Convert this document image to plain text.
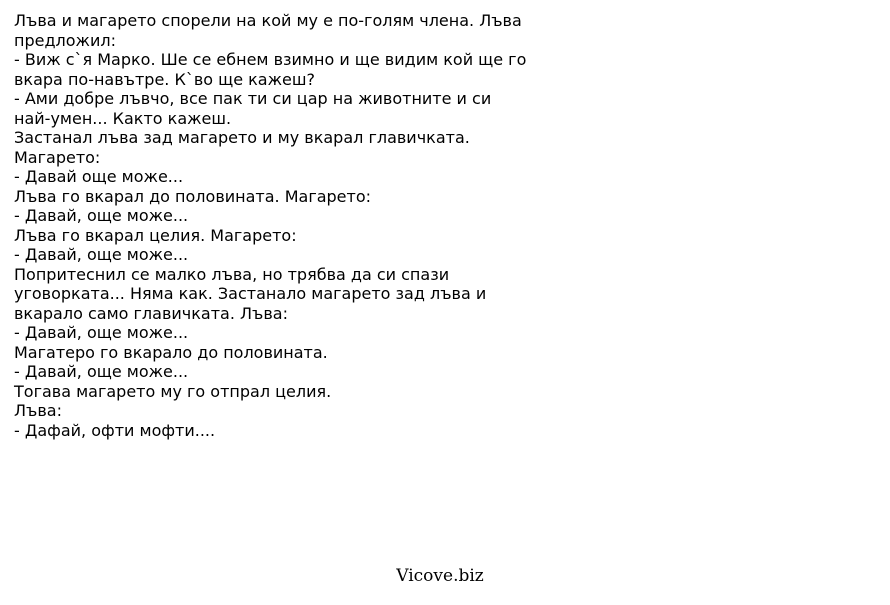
Лъва и магарето спорели на кой му е по-голям члена. Лъва
предложил:
- Виж с`я Марко. Ше се ебнем взимно и ще видим кой ще го
вкара по-навътре. К`во ще кажеш?
- Ами добре лъвчо, все пак ти си цар на животните и си
най-умен... Както кажеш.
Застанал лъва зад магарето и му вкарал главичката.
Магарето:
- Давай още може...
Лъва го вкарал до половината. Магарето:
- Давай, още може...
Лъва го вкарал целия. Магарето:
- Давай, още може...
Попритеснил се малко лъва, но трябва да си спази
уговорката... Няма как. Застанало магарето зад лъва и
вкарало само главичката. Лъва:
- Давай, още може...
Магатеро го вкарало до половината.
- Давай, още може...
Тогава магарето му го отпрал целия.
Лъва:
- Дафай, офти мофти....
Vicove.biz
